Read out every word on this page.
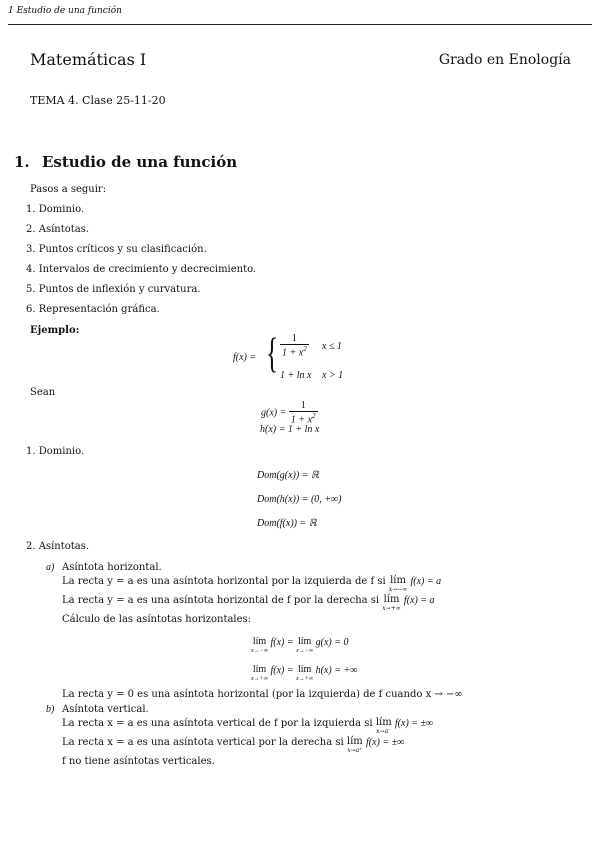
1 Estudio de una función
Matemáticas I	Grado en Enología
TEMA 4. Clase 25-11-20
1. Estudio de una función
Pasos a seguir:
1. Dominio.
2. Asíntotas.
3. Puntos críticos y su clasificación.
4. Intervalos de crecimiento y decrecimiento.
5. Puntos de inflexión y curvatura.
6. Representación gráfica.
Ejemplo:
f(x) = { $\frac{1}{1 + x^2}$ x ≤ 1
1 + ln x x > 1
Sean
$g(x) = \frac{1}{1 + x^2}$
h(x) = 1 + ln x
1. Dominio.
Dom(g(x)) = ℝ
Dom(h(x)) = (0, +∞)
Dom(f(x)) = ℝ
2. Asíntotas.
a) Asíntota horizontal.
La recta y = a es una asíntota horizontal por la izquierda de f si lím
x→−∞
f(x) = a
La recta y = a es una asíntota horizontal de f por la derecha si lím
x→+∞
f(x) = a
Cálculo de las asíntotas horizontales:
lím
x→−∞
f(x) = lím
x→−∞
g(x) = 0
lím
x→+∞
f(x) = lím
x→+∞
h(x) = +∞
La recta y = 0 es una asíntota horizontal (por la izquierda) de f cuando x → −∞
b) Asíntota vertical.
La recta x = a es una asíntota vertical de f por la izquierda si lím
x→a⁻
f(x) = ±∞
La recta x = a es una asíntota vertical por la derecha si lím
x→a⁺
f(x) = ±∞
f no tiene asíntotas verticales.
